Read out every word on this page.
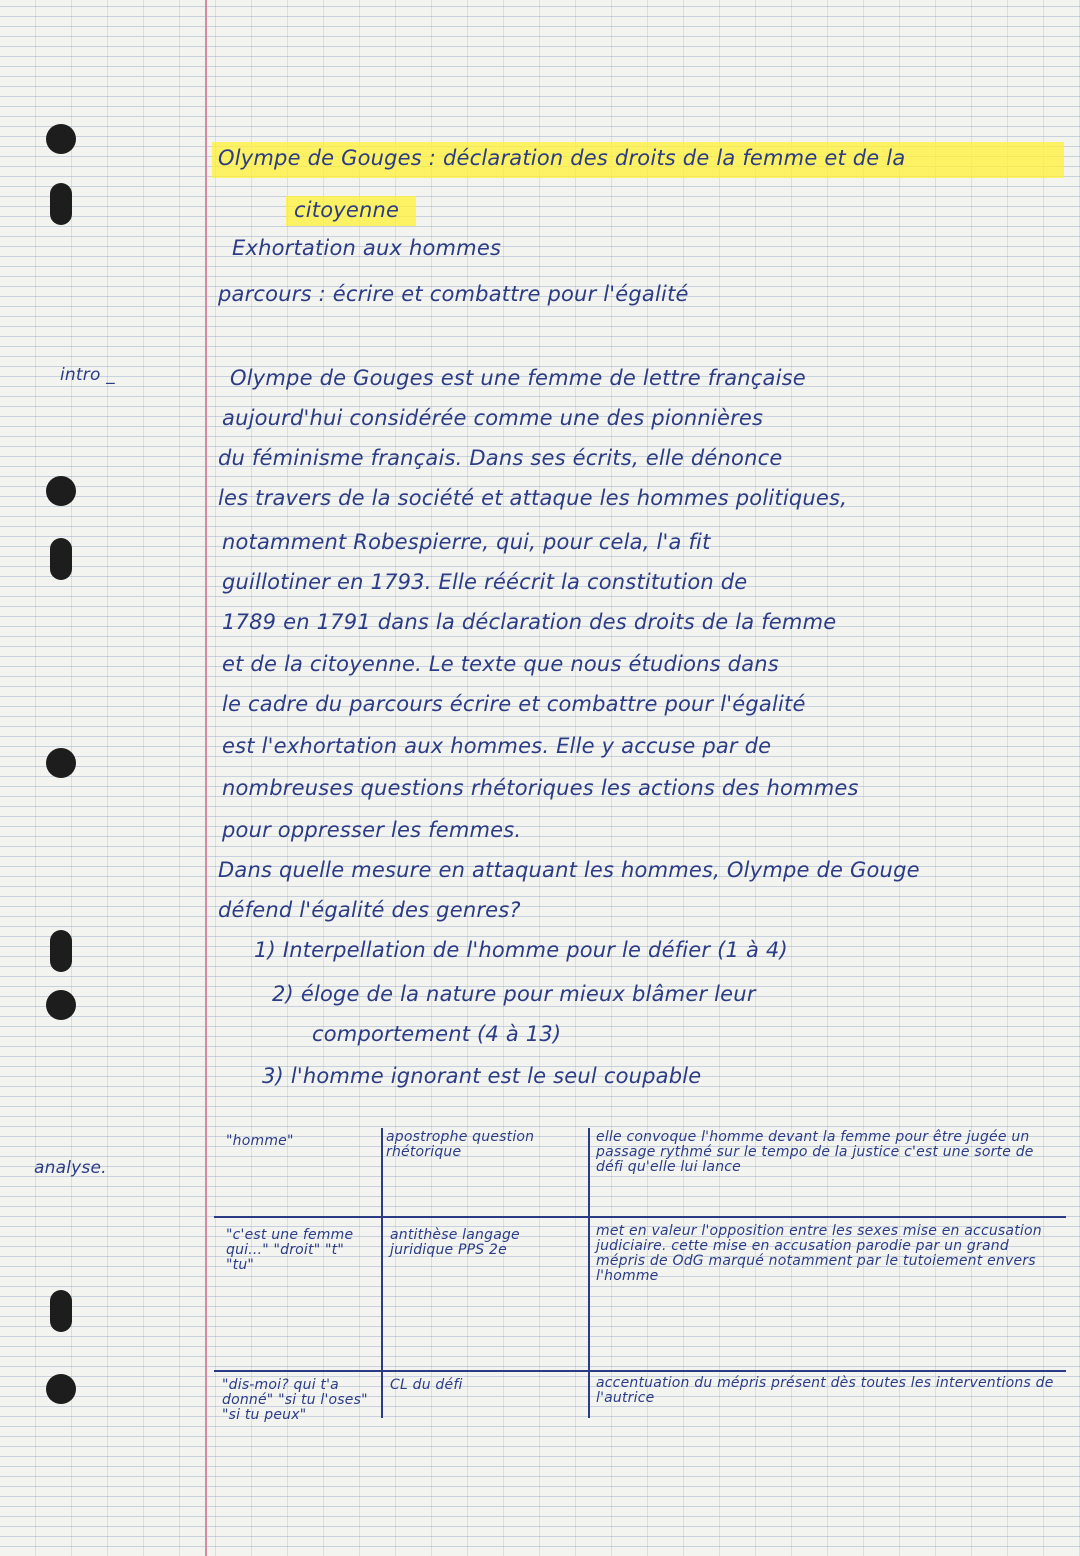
Olympe de Gouges : déclaration des droits de la femme et de la
citoyenne
Exhortation aux hommes
parcours : écrire et combattre pour l'égalité
intro _
analyse.
Olympe de Gouges est une femme de lettre française
aujourd'hui considérée comme une des pionnières
du féminisme français. Dans ses écrits, elle dénonce
les travers de la société et attaque les hommes politiques,
notamment Robespierre, qui, pour cela, l'a fit
guillotiner en 1793. Elle réécrit la constitution de
1789 en 1791 dans la déclaration des droits de la femme
et de la citoyenne. Le texte que nous étudions dans
le cadre du parcours écrire et combattre pour l'égalité
est l'exhortation aux hommes. Elle y accuse par de
nombreuses questions rhétoriques les actions des hommes
pour oppresser les femmes.
Dans quelle mesure en attaquant les hommes, Olympe de Gouge
défend l'égalité des genres?
1) Interpellation de l'homme pour le défier (1 à 4)
2) éloge de la nature pour mieux blâmer leur
comportement (4 à 13)
3) l'homme ignorant est le seul coupable
"homme"	apostrophe question rhétorique
elle convoque l'homme devant la femme pour être jugée un passage rythmé sur le tempo de la justice c'est une sorte de défi qu'elle lui lance
"c'est une femme qui..." "droit" "t" "tu"
antithèse langage juridique PPS 2e
met en valeur l'opposition entre les sexes mise en accusation judiciaire. cette mise en accusation parodie par un grand mépris de OdG marqué notamment par le tutoiement envers l'homme
"dis-moi? qui t'a donné" "si tu l'oses" "si tu peux"
CL du défi	accentuation du mépris présent dès toutes les interventions de l'autrice
